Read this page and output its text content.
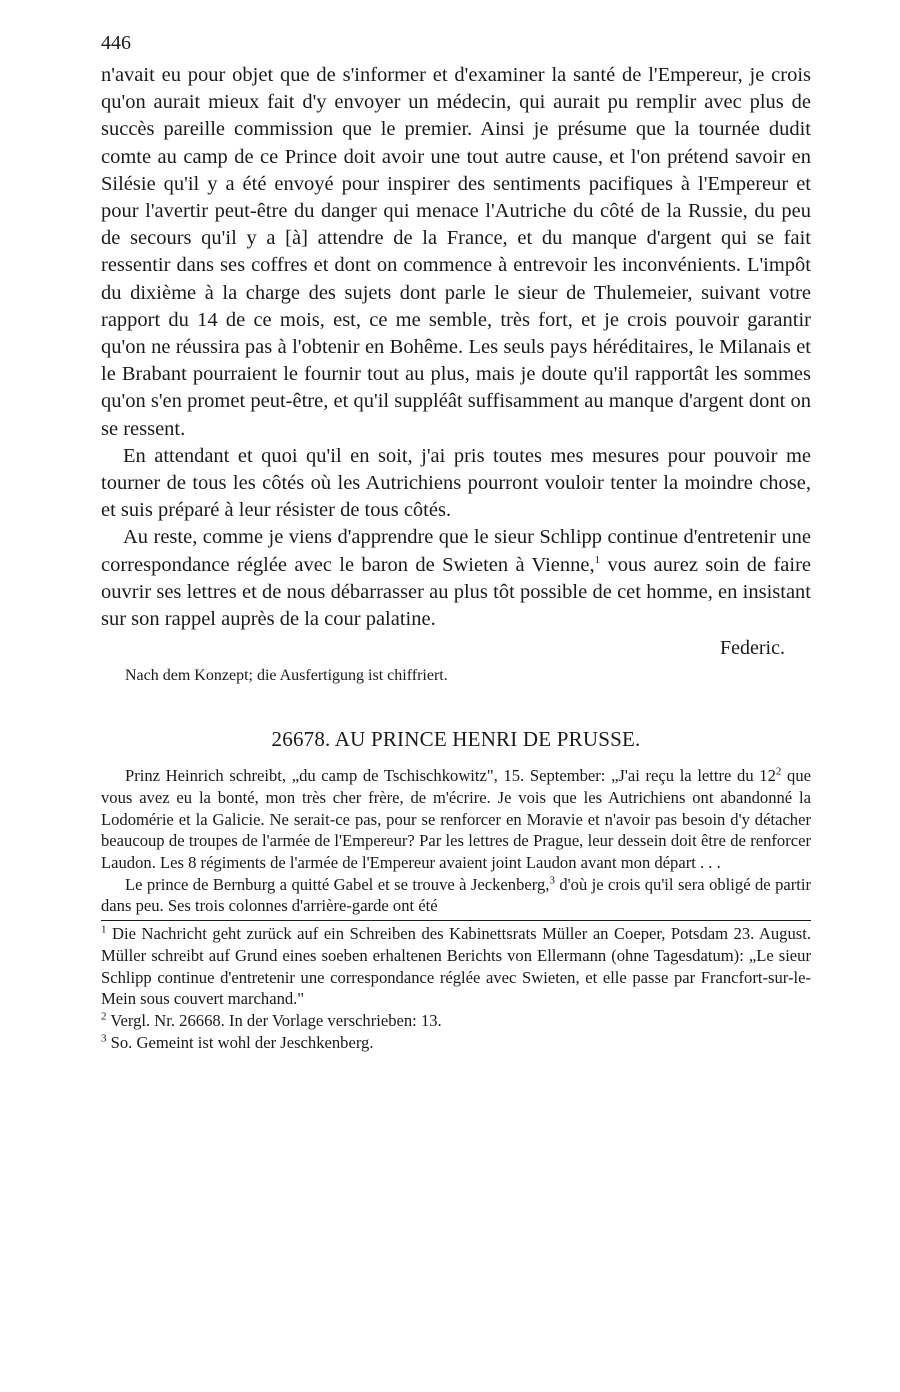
446

n'avait eu pour objet que de s'informer et d'examiner la santé de l'Empereur, je crois qu'on aurait mieux fait d'y envoyer un médecin, qui aurait pu remplir avec plus de succès pareille commission que le premier. Ainsi je présume que la tournée dudit comte au camp de ce Prince doit avoir une tout autre cause, et l'on prétend savoir en Silésie qu'il y a été envoyé pour inspirer des sentiments pacifiques à l'Empereur et pour l'avertir peut-être du danger qui menace l'Autriche du côté de la Russie, du peu de secours qu'il y a [à] attendre de la France, et du manque d'argent qui se fait ressentir dans ses coffres et dont on commence à entrevoir les inconvénients. L'impôt du dixième à la charge des sujets dont parle le sieur de Thulemeier, suivant votre rapport du 14 de ce mois, est, ce me semble, très fort, et je crois pouvoir garantir qu'on ne réussira pas à l'obtenir en Bohême. Les seuls pays héréditaires, le Milanais et le Brabant pourraient le fournir tout au plus, mais je doute qu'il rapportât les sommes qu'on s'en promet peut-être, et qu'il suppléât suffisamment au manque d'argent dont on se ressent.

En attendant et quoi qu'il en soit, j'ai pris toutes mes mesures pour pouvoir me tourner de tous les côtés où les Autrichiens pourront vouloir tenter la moindre chose, et suis préparé à leur résister de tous côtés.

Au reste, comme je viens d'apprendre que le sieur Schlipp continue d'entretenir une correspondance réglée avec le baron de Swieten à Vienne,$^1$ vous aurez soin de faire ouvrir ses lettres et de nous débarrasser au plus tôt possible de cet homme, en insistant sur son rappel auprès de la cour palatine.

Federic.
Nach dem Konzept; die Ausfertigung ist chiffriert.
26678. AU PRINCE HENRI DE PRUSSE.

Prinz Heinrich schreibt, „du camp de Tschischkowitz", 15. September: „J'ai reçu la lettre du $12^2$ que vous avez eu la bonté, mon très cher frère, de m'écrire. Je vois que les Autrichiens ont abandonné la Lodomérie et la Galicie. Ne serait-ce pas, pour se renforcer en Moravie et n'avoir pas besoin d'y détacher beaucoup de troupes de l'armée de l'Empereur? Par les lettres de Prague, leur dessein doit être de renforcer Laudon. Les 8 régiments de l'armée de l'Empereur avaient joint Laudon avant mon départ . . .

Le prince de Bernburg a quitté Gabel et se trouve à Jeckenberg,$^3$ d'où je crois qu'il sera obligé de partir dans peu. Ses trois colonnes d'arrière-garde ont été

$^1$ Die Nachricht geht zurück auf ein Schreiben des Kabinettsrats Müller an Coeper, Potsdam 23. August. Müller schreibt auf Grund eines soeben erhaltenen Berichts von Ellermann (ohne Tagesdatum): „Le sieur Schlipp continue d'entretenir une correspondance réglée avec Swieten, et elle passe par Francfort-sur-le-Mein sous couvert marchand."

$^2$ Vergl. Nr. 26668. In der Vorlage verschrieben: 13.

$^3$ So. Gemeint ist wohl der Jeschkenberg.
